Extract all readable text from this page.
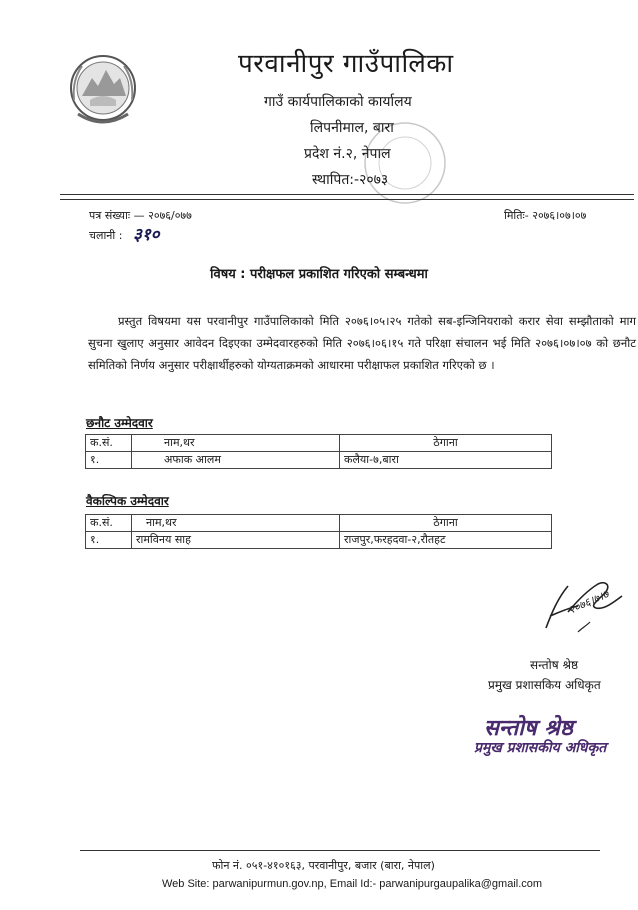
परवानीपुर गाउँपालिका
गाउँ कार्यपालिकाको कार्यालय
लिपनीमाल, बारा
प्रदेश नं.२, नेपाल
स्थापित:-२०७३
पत्र संख्याः — २०७६/०७७
चलानी : ३१०
मितिः- २०७६।०७।०७
विषय : परीक्षफल प्रकाशित गरिएको सम्बन्धमा
प्रस्तुत विषयमा यस परवानीपुर गाउँपालिकाको मिति २०७६।०५।२५ गतेको सब-इन्जिनियराको करार सेवा सम्झौताको माग सुचना खुलाए अनुसार आवेदन दिइएका उम्मेदवारहरुको मिति २०७६।०६।१५ गते परिक्षा संचालन भई मिति २०७६।०७।०७ को छनौट समितिको निर्णय अनुसार परीक्षार्थीहरुको योग्यताक्रमको आधारमा परीक्षाफल प्रकाशित गरिएको छ ।
छनौट उम्मेदवार
क.सं.	नाम,थर	ठेगाना
१.	अफाक आलम	कलैया-७,बारा
वैकल्पिक उम्मेदवार
क.सं.	नाम,थर	ठेगाना
१.	रामविनय साह	राजपुर,फरहदवा-२,रौतहट
२०७६।७।७
सन्तोष श्रेष्ठ
प्रमुख प्रशासकिय अधिकृत
सन्तोष श्रेष्ठ
प्रमुख प्रशासकीय अधिकृत
फोन नं. ०५१-४१०१६३, परवानीपुर, बजार (बारा, नेपाल)
Web Site: parwanipurmun.gov.np, Email Id:- parwanipurgaupalika@gmail.com
